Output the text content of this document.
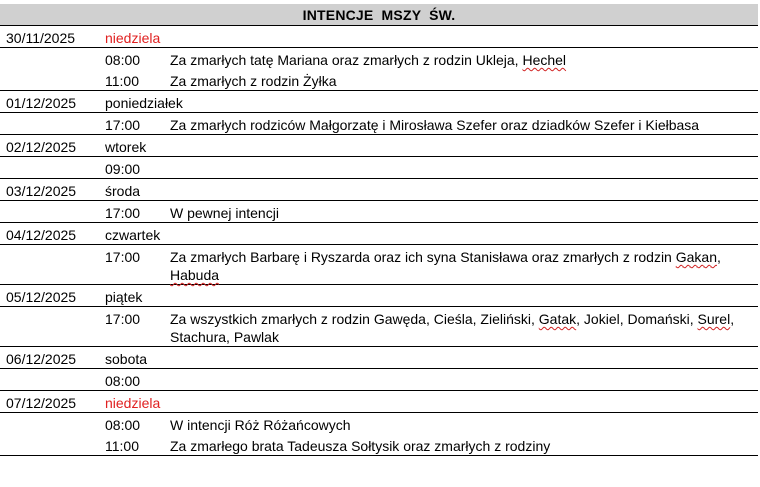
INTENCJE MSZY ŚW.
30/11/2025 niedziela
08:00 Za zmarłych tatę Mariana oraz zmarłych z rodzin Ukleja, Hechel
11:00 Za zmarłych z rodzin Żyłka
01/12/2025 poniedziałek
17:00 Za zmarłych rodziców Małgorzatę i Mirosława Szefer oraz dziadków Szefer i Kiełbasa
02/12/2025 wtorek
09:00
03/12/2025 środa
17:00 W pewnej intencji
04/12/2025 czwartek
17:00 Za zmarłych Barbarę i Ryszarda oraz ich syna Stanisława oraz zmarłych z rodzin Gakan, Habuda
05/12/2025 piątek
17:00 Za wszystkich zmarłych z rodzin Gawęda, Cieśla, Zieliński, Gatak, Jokiel, Domański, Surel, Stachura, Pawlak
06/12/2025 sobota
08:00
07/12/2025 niedziela
08:00 W intencji Róż Różańcowych
11:00 Za zmarłego brata Tadeusza Sołtysik oraz zmarłych z rodziny
